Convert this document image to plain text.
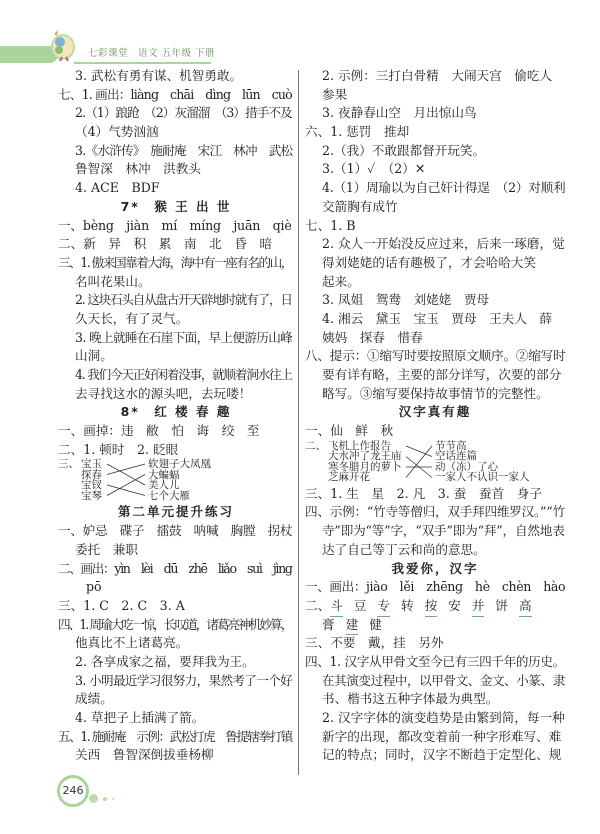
七彩课堂　语文 五年级 下册
3. 武松有勇有谋、机智勇敢。
七、1. 画出：liàng　chāi　dìng　lūn　cuò
2.（1）踉跄　（2）灰溜溜　（3）措手不及
（4）气势汹汹
3.《水浒传》　施耐庵　宋江　林冲　武松
鲁智深　林冲　洪教头
4. ACE　BDF
7*　猴 王 出 世
一、bèng　jiàn　mí　míng　juān　qiè
二、新　异　积　累　南　北　昏　暗
三、1. 傲来国靠着大海，海中有一座有名的山，
名叫花果山。
2. 这块石头自从盘古开天辟地时就有了，日
久天长，有了灵气。
3. 晚上就睡在石崖下面，早上便游历山峰
山洞。
4. 我们今天正好闲着没事，就顺着涧水往上
去寻找这水的源头吧，去玩喽！
8*　红 楼 春 趣
一、画掉：违　敝　怕　诲　绞　至
二、1. 顿时　2. 眨眼
三、 宝玉
探春
宝钗
宝琴
软翅子大凤凰
大蝙蝠
美人儿
七个大雁
第二单元提升练习
一、妒忌　碟子　擂鼓　呐喊　胸膛　拐杖
委托　兼职
二、画出：yìn　lèi　dū　zhē　liǎo　suì　jìng
pō
三、1. C　2. C　3. A
四、1. 周瑜大吃一惊，长叹道，诸葛亮神机妙算，
他真比不上诸葛亮。
2. 各享成家之福，要拜我为王。
3. 小明最近学习很努力，果然考了一个好
成绩。
4. 草把子上插满了箭。
五、1. 施耐庵　示例：武松打虎　鲁提辖拳打镇
关西　鲁智深倒拔垂杨柳
2. 示例：三打白骨精　大闹天宫　偷吃人
参果
3. 夜静春山空　月出惊山鸟
六、1. 惩罚　推却
2.（我）不敢跟都督开玩笑。
3.（1）✓　（2）✕
4.（1）周瑜以为自己奸计得逞　（2）对顺利
交箭胸有成竹
七、1. B
2. 众人一开始没反应过来，后来一琢磨，觉
得刘姥姥的话有趣极了，才会哈哈大笑
起来。
3. 凤姐　鸳鸯　刘姥姥　贾母
4. 湘云　黛玉　宝玉　贾母　王夫人　薛
姨妈　探春　惜春
八、提示：①缩写时要按照原文顺序。②缩写时
要有详有略，主要的部分详写，次要的部分
略写。③缩写要保持故事情节的完整性。
汉字真有趣
一、仙　鲜　秋
二、 飞机上作报告
大水冲了龙王庙
寒冬腊月的萝卜
芝麻开花
节节高
空话连篇
动（冻）了心
一家人不认识一家人
三、1. 生　星　2. 凡　3. 蚕　蚕首　身子
四、示例：“竹寺等僧归，双手拜四维罗汉。”“竹
寺”即为“等”字，“双手”即为“拜”，自然地表
达了自己等丁云和尚的意思。
我爱你，汉字
一、画出：jiào　lěi　zhēng　hè　chèn　hào
二、斗 豆 专 转 按 安 并 饼 高
膏 建 健
三、不要　戴，挂　另外
四、1. 汉字从甲骨文至今已有三四千年的历史。
在其演变过程中，以甲骨文、金文、小篆、隶
书、楷书这五种字体最为典型。
2. 汉字字体的演变趋势是由繁到简，每一种
新字的出现，都改变着前一种字形难写、难
记的特点；同时，汉字不断趋于定型化、规
246
